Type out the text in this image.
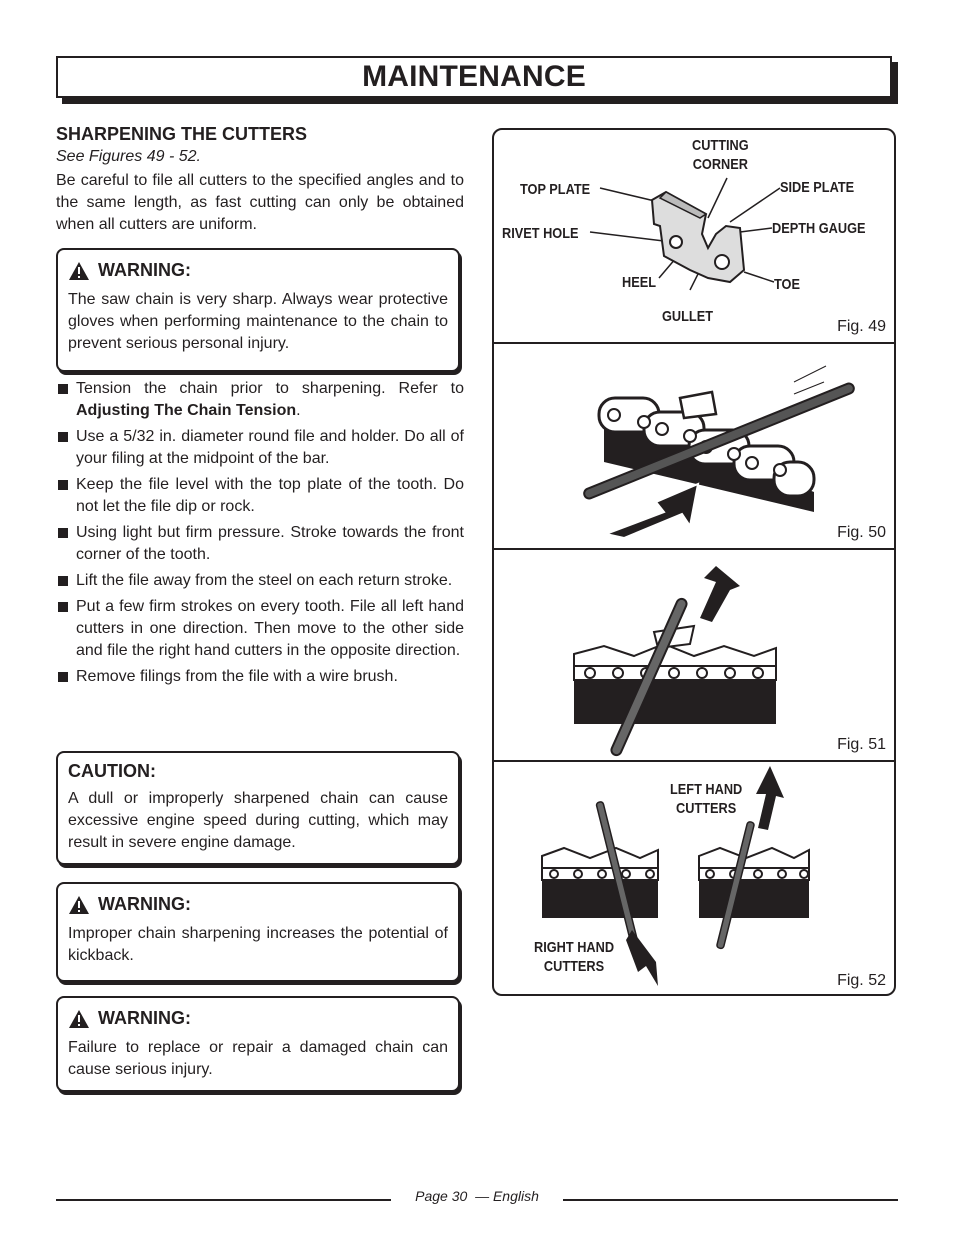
MAINTENANCE

SHARPENING THE CUTTERS

See Figures 49 - 52.

Be careful to file all cutters to the specified angles and to the same length, as fast cutting can only be obtained when all cutters are uniform.

WARNING:
The saw chain is very sharp. Always wear protective gloves when performing maintenance to the chain to prevent serious personal injury.
Tension the chain prior to sharpening. Refer to Adjusting The Chain Tension.
Use a 5/32 in. diameter round file and holder. Do all of your filing at the midpoint of the bar.
Keep the file level with the top plate of the tooth. Do not let the file dip or rock.
Using light but firm pressure. Stroke towards the front corner of the tooth.
Lift the file away from the steel on each return stroke.
Put a few firm strokes on every tooth. File all left hand cutters in one direction. Then move to the other side and file the right hand cutters in the opposite direction.
Remove filings from the file with a wire brush.
CAUTION:
A dull or improperly sharpened chain can cause excessive engine speed during cutting, which may result in severe engine damage.
WARNING:
Improper chain sharpening increases the potential of kickback.
WARNING:
Failure to replace or repair a damaged chain can cause serious injury.
CUTTING
CORNER
TOP PLATE	SIDE PLATE
RIVET HOLE	DEPTH GAUGE
HEEL	TOE
GULLET
Fig. 49
Fig. 50
Fig. 51
LEFT HAND
CUTTERS
RIGHT HAND
CUTTERS
Fig. 52
Page 30 — English
